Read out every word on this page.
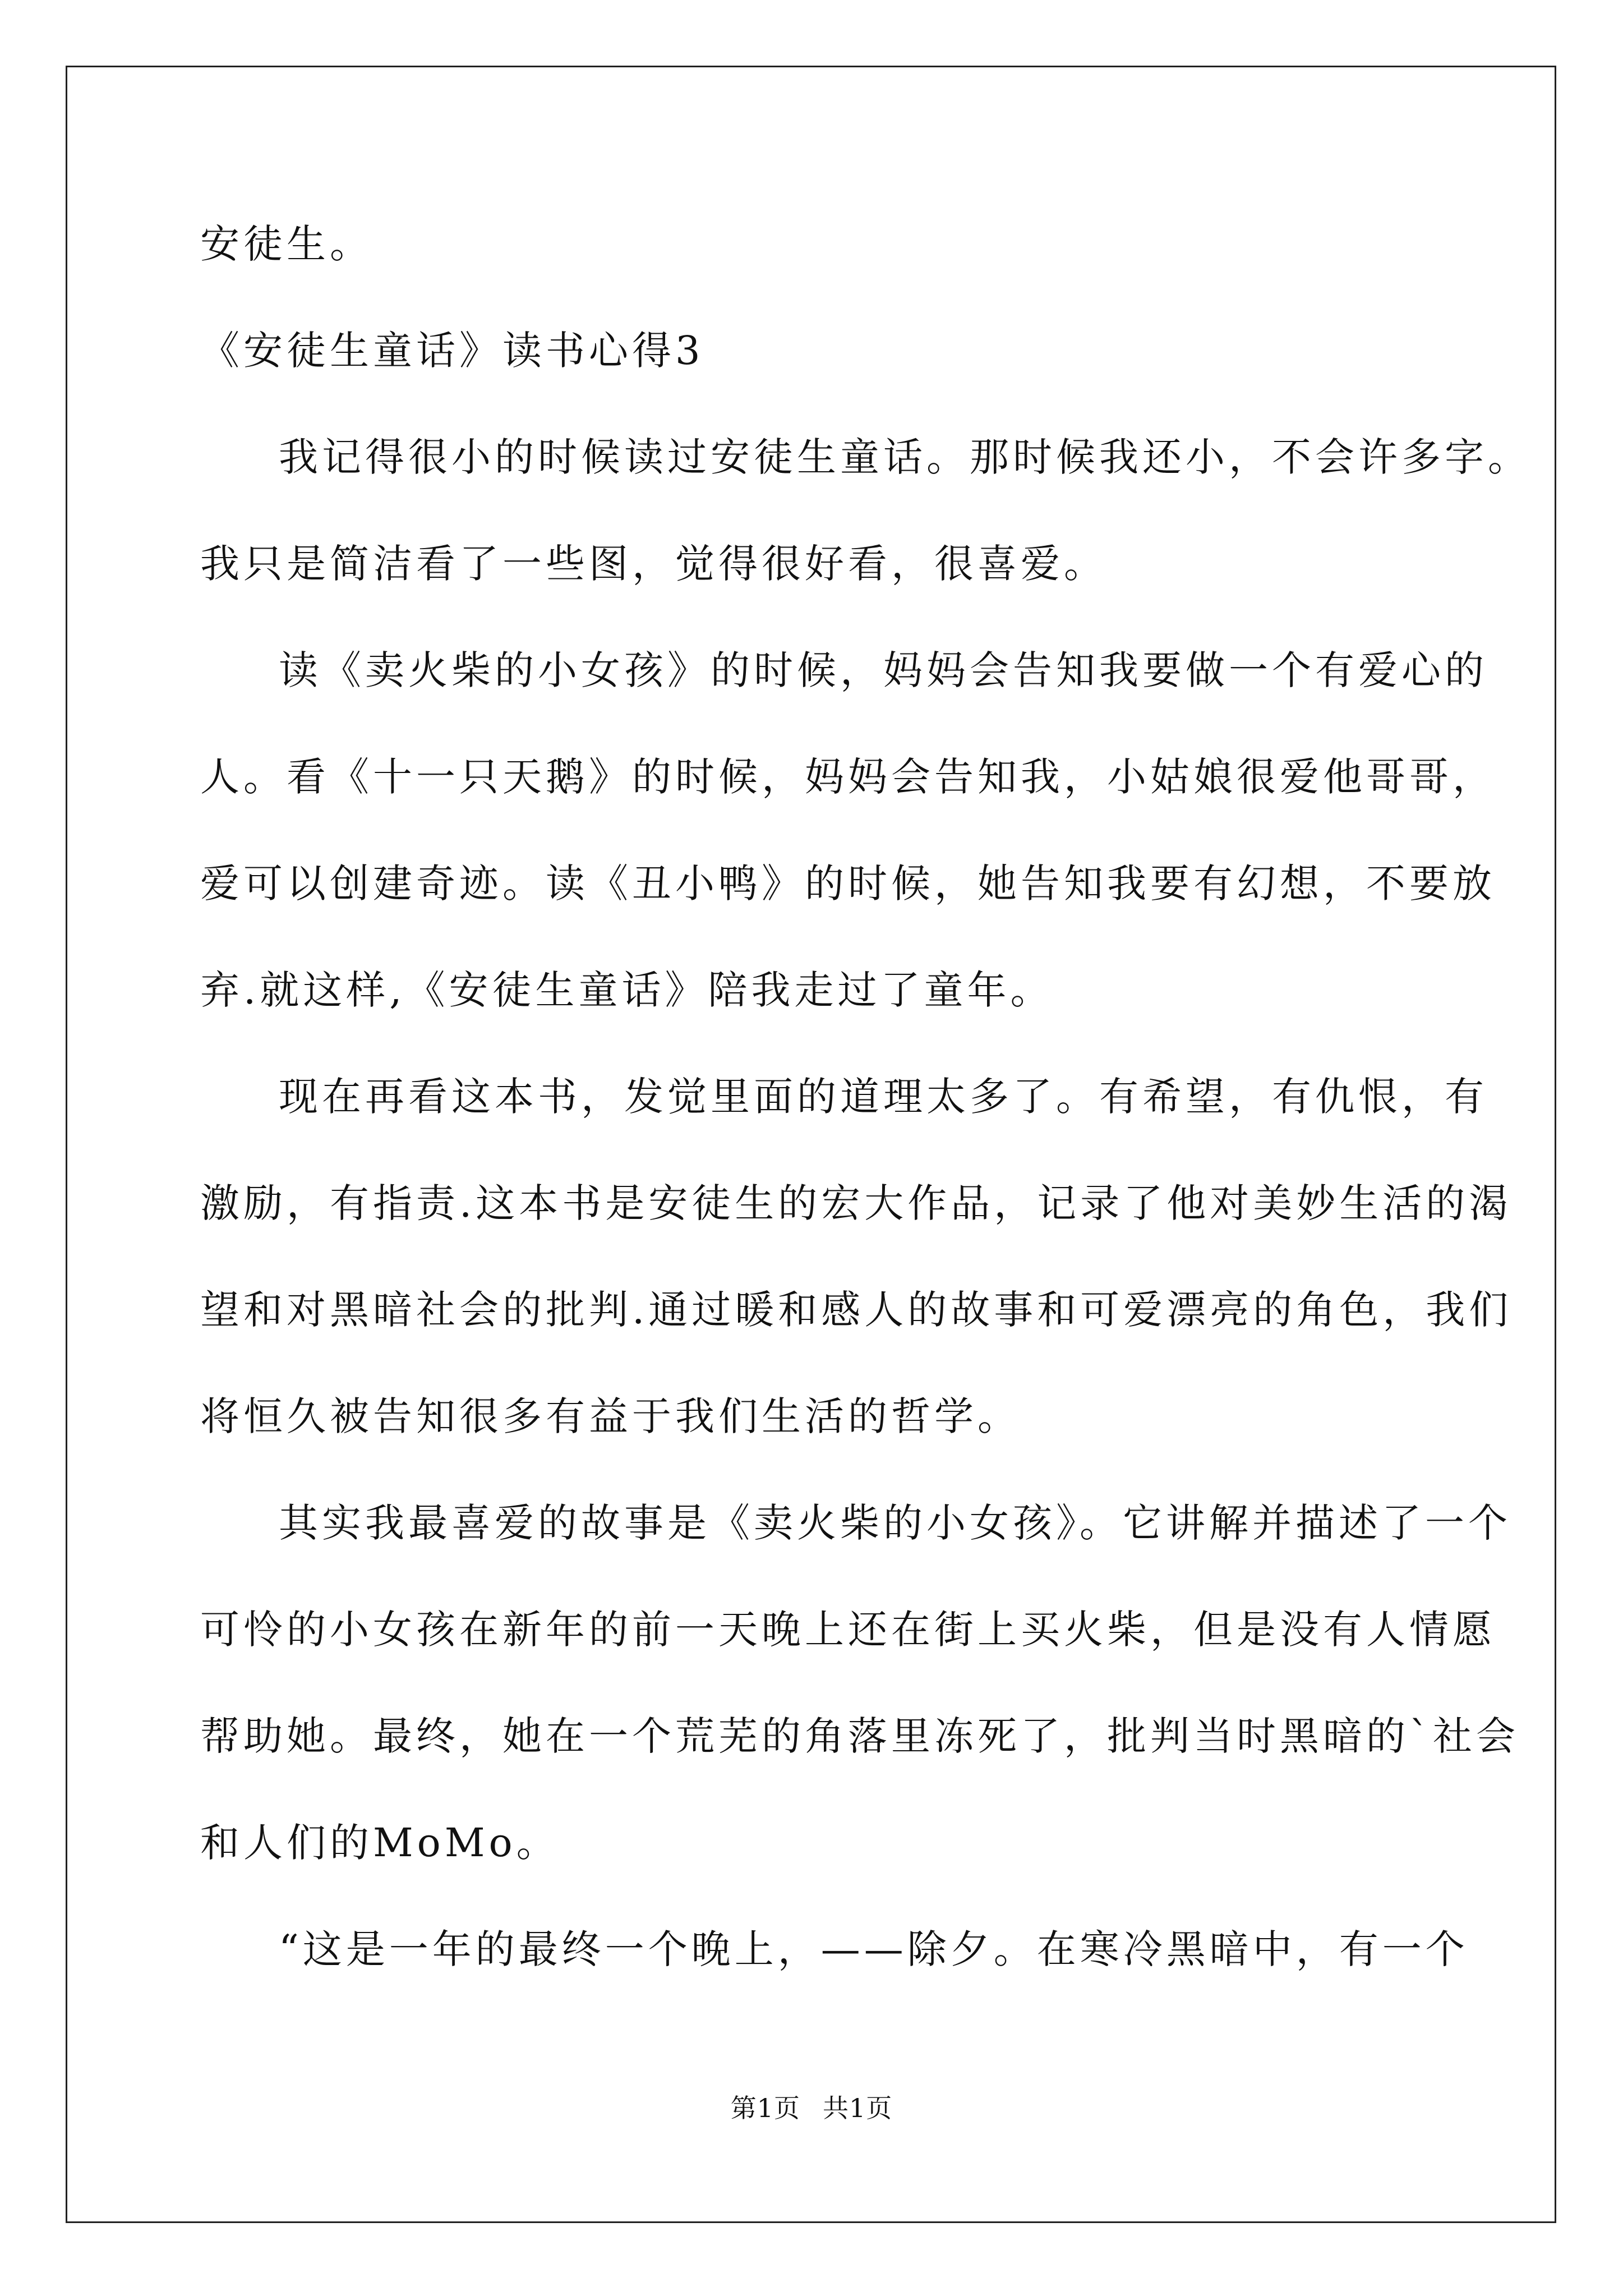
安徒生。
《安徒生童话》读书心得3
我记得很小的时候读过安徒生童话。那时候我还小，不会许多字。
我只是简洁看了一些图，觉得很好看，很喜爱。
读《卖火柴的小女孩》的时候，妈妈会告知我要做一个有爱心的
人。看《十一只天鹅》的时候，妈妈会告知我，小姑娘很爱他哥哥，
爱可以创建奇迹。读《丑小鸭》的时候，她告知我要有幻想，不要放
弃.就这样,《安徒生童话》陪我走过了童年。
现在再看这本书，发觉里面的道理太多了。有希望，有仇恨，有
激励，有指责.这本书是安徒生的宏大作品，记录了他对美妙生活的渴
望和对黑暗社会的批判.通过暖和感人的故事和可爱漂亮的角色，我们
将恒久被告知很多有益于我们生活的哲学。
其实我最喜爱的故事是《卖火柴的小女孩》。它讲解并描述了一个
可怜的小女孩在新年的前一天晚上还在街上买火柴，但是没有人情愿
帮助她。最终，她在一个荒芜的角落里冻死了，批判当时黑暗的`社会
和人们的MoMo。
“这是一年的最终一个晚上，——除夕。在寒冷黑暗中，有一个
第1页 共1页
